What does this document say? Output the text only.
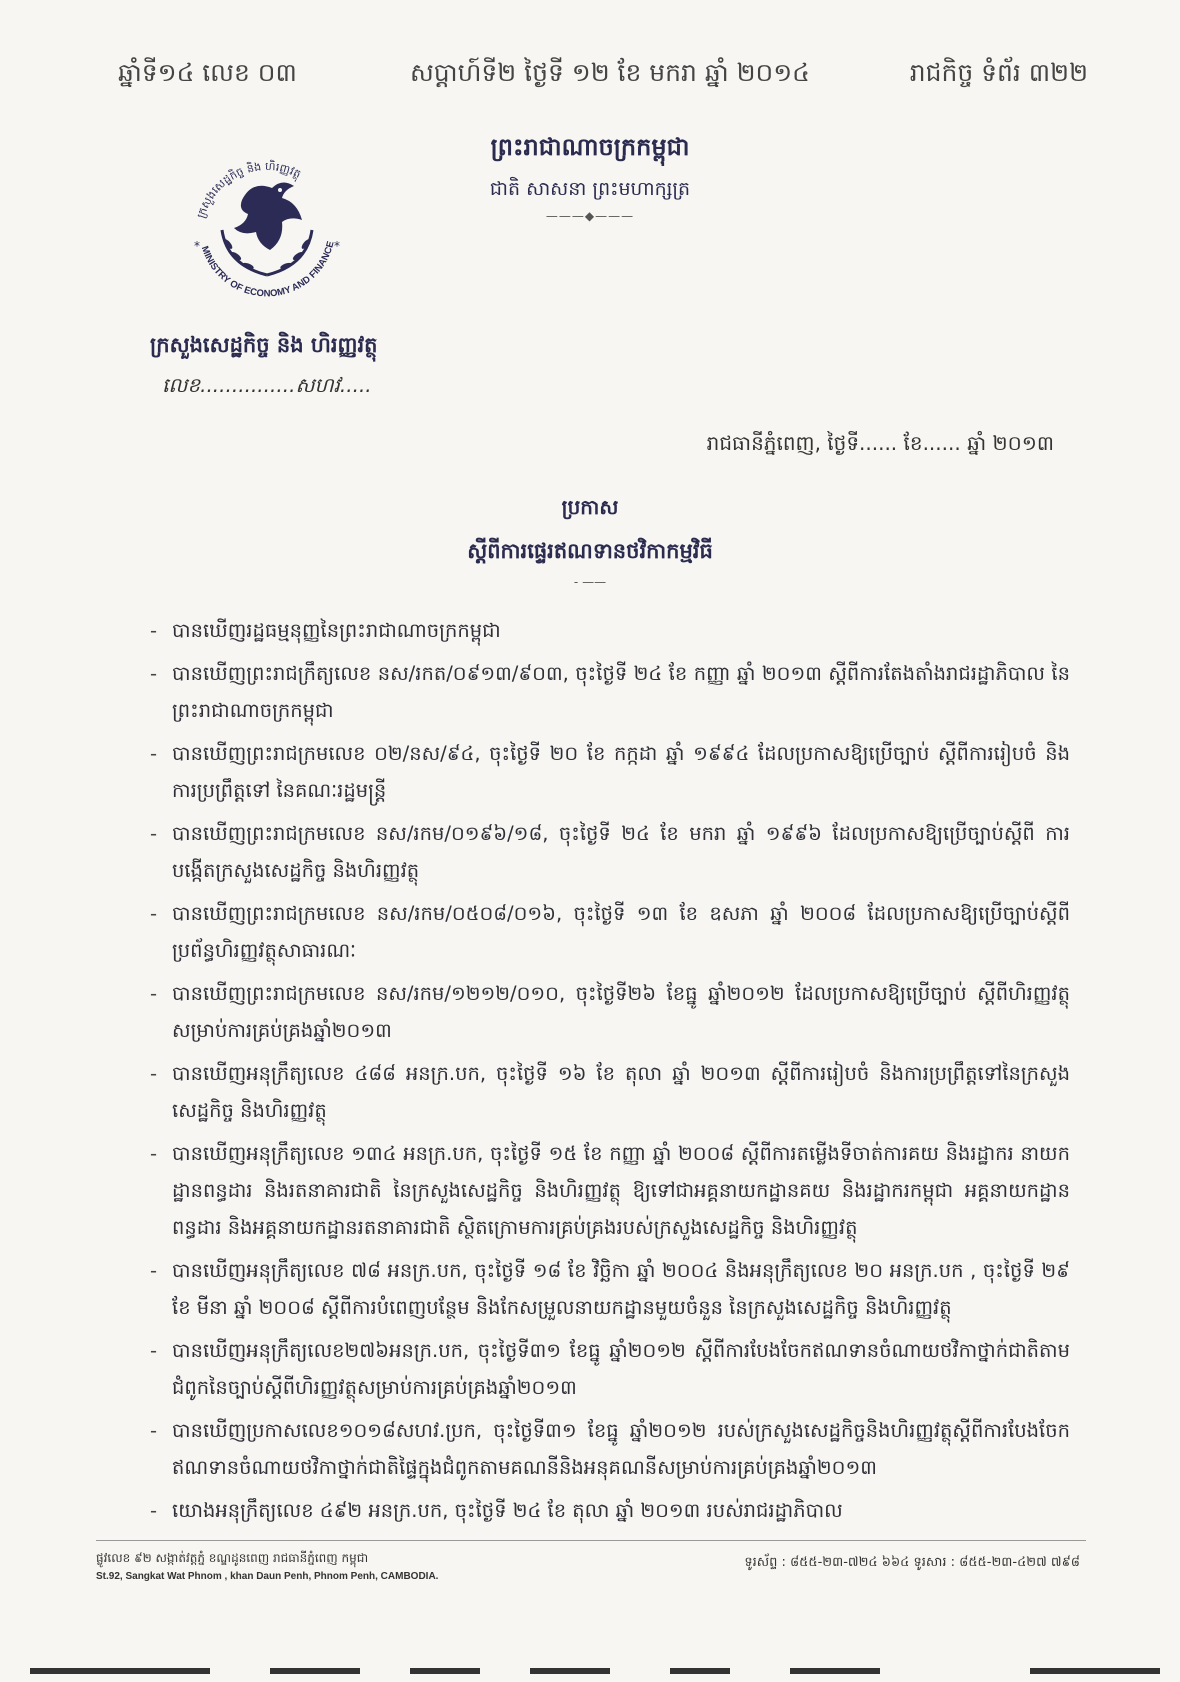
ឆ្នាំទី១៤ លេខ ០៣	សប្តាហ៍ទី២ ថ្ងៃទី ១២ ខែ មករា ឆ្នាំ ២០១៤	រាជកិច្ច ទំព័រ ៣២២
ព្រះរាជាណាចក្រកម្ពុជា
ជាតិ សាសនា ព្រះមហាក្សត្រ
———◆———
ក្រសួងសេដ្ឋកិច្ច និង ហិរញ្ញវត្ថុ
MINISTRY OF ECONOMY AND FINANCE
*	*
ក្រសួងសេដ្ឋកិច្ច និង ហិរញ្ញវត្ថុ
លេខ...............សហវ.....
រាជធានីភ្នំពេញ, ថ្ងៃទី...... ខែ...... ឆ្នាំ ២០១៣
ប្រកាស
ស្តីពីការផ្ទេរឥណទានថវិកាកម្មវិធី
- ——
- បានឃើញរដ្ឋធម្មនុញ្ញនៃព្រះរាជាណាចក្រកម្ពុជា
- បានឃើញព្រះរាជក្រឹត្យលេខ នស/រកត/០៩១៣/៩០៣, ចុះថ្ងៃទី ២៤ ខែ កញ្ញា ឆ្នាំ ២០១៣ ស្តីពីការតែងតាំងរាជរដ្ឋាភិបាល នៃព្រះរាជាណាចក្រកម្ពុជា
- បានឃើញព្រះរាជក្រមលេខ ០២/នស/៩៤, ចុះថ្ងៃទី ២០ ខែ កក្កដា ឆ្នាំ ១៩៩៤ ដែលប្រកាសឱ្យប្រើច្បាប់ ស្តីពីការរៀបចំ និងការប្រព្រឹត្តទៅ នៃគណៈរដ្ឋមន្ត្រី
- បានឃើញព្រះរាជក្រមលេខ នស/រកម/០១៩៦/១៨, ចុះថ្ងៃទី ២៤ ខែ មករា ឆ្នាំ ១៩៩៦ ដែលប្រកាសឱ្យប្រើច្បាប់ស្តីពី ការបង្កើតក្រសួងសេដ្ឋកិច្ច និងហិរញ្ញវត្ថុ
- បានឃើញព្រះរាជក្រមលេខ នស/រកម/០៥០៨/០១៦, ចុះថ្ងៃទី ១៣ ខែ ឧសភា ឆ្នាំ ២០០៨ ដែលប្រកាសឱ្យប្រើច្បាប់ស្តីពីប្រព័ន្ធហិរញ្ញវត្ថុសាធារណៈ
- បានឃើញព្រះរាជក្រមលេខ នស/រកម/១២១២/០១០, ចុះថ្ងៃទី២៦ ខែធ្នូ ឆ្នាំ២០១២ ដែលប្រកាសឱ្យប្រើច្បាប់ ស្តីពីហិរញ្ញវត្ថុសម្រាប់ការគ្រប់គ្រងឆ្នាំ២០១៣
- បានឃើញអនុក្រឹត្យលេខ ៤៨៨ អនក្រ.បក, ចុះថ្ងៃទី ១៦ ខែ តុលា ឆ្នាំ ២០១៣ ស្តីពីការរៀបចំ និងការប្រព្រឹត្តទៅនៃក្រសួងសេដ្ឋកិច្ច និងហិរញ្ញវត្ថុ
- បានឃើញអនុក្រឹត្យលេខ ១៣៤ អនក្រ.បក, ចុះថ្ងៃទី ១៥ ខែ កញ្ញា ឆ្នាំ ២០០៨ ស្តីពីការតម្លើងទីចាត់ការគយ និងរដ្ឋាករ នាយកដ្ឋានពន្ធដារ និងរតនាគារជាតិ នៃក្រសួងសេដ្ឋកិច្ច និងហិរញ្ញវត្ថុ ឱ្យទៅជាអគ្គនាយកដ្ឋានគយ និងរដ្ឋាករកម្ពុជា អគ្គនាយកដ្ឋានពន្ធដារ និងអគ្គនាយកដ្ឋានរតនាគារជាតិ ស្ថិតក្រោមការគ្រប់គ្រងរបស់ក្រសួងសេដ្ឋកិច្ច និងហិរញ្ញវត្ថុ
- បានឃើញអនុក្រឹត្យលេខ ៧៨ អនក្រ.បក, ចុះថ្ងៃទី ១៨ ខែ វិច្ឆិកា ឆ្នាំ ២០០៤ និងអនុក្រឹត្យលេខ ២០ អនក្រ.បក , ចុះថ្ងៃទី ២៩ ខែ មីនា ឆ្នាំ ២០០៨ ស្តីពីការបំពេញបន្ថែម និងកែសម្រួលនាយកដ្ឋានមួយចំនួន នៃក្រសួងសេដ្ឋកិច្ច និងហិរញ្ញវត្ថុ
- បានឃើញអនុក្រឹត្យលេខ២៧៦អនក្រ.បក, ចុះថ្ងៃទី៣១ ខែធ្នូ ឆ្នាំ២០១២ ស្តីពីការបែងចែកឥណទានចំណាយថវិកាថ្នាក់ជាតិតាមជំពូកនៃច្បាប់ស្តីពីហិរញ្ញវត្ថុសម្រាប់ការគ្រប់គ្រងឆ្នាំ២០១៣
- បានឃើញប្រកាសលេខ១០១៨សហវ.ប្រក, ចុះថ្ងៃទី៣១ ខែធ្នូ ឆ្នាំ២០១២ របស់ក្រសួងសេដ្ឋកិច្ចនិងហិរញ្ញវត្ថុស្តីពីការបែងចែកឥណទានចំណាយថវិកាថ្នាក់ជាតិផ្ទៃក្នុងជំពូកតាមគណនីនិងអនុគណនីសម្រាប់ការគ្រប់គ្រងឆ្នាំ២០១៣
- យោងអនុក្រឹត្យលេខ ៤៩២ អនក្រ.បក, ចុះថ្ងៃទី ២៤ ខែ តុលា ឆ្នាំ ២០១៣ របស់រាជរដ្ឋាភិបាល
ផ្លូវលេខ ៩២ សង្កាត់វត្តភ្នំ ខណ្ឌដូនពេញ រាជធានីភ្នំពេញ កម្ពុជា
St.92, Sangkat Wat Phnom , khan Daun Penh, Phnom Penh, CAMBODIA.
ទូរស័ព្ទ : ៨៥៥-២៣-៧២៤ ៦៦៤ ទូរសារ : ៨៥៥-២៣-៤២៧ ៧៩៨
